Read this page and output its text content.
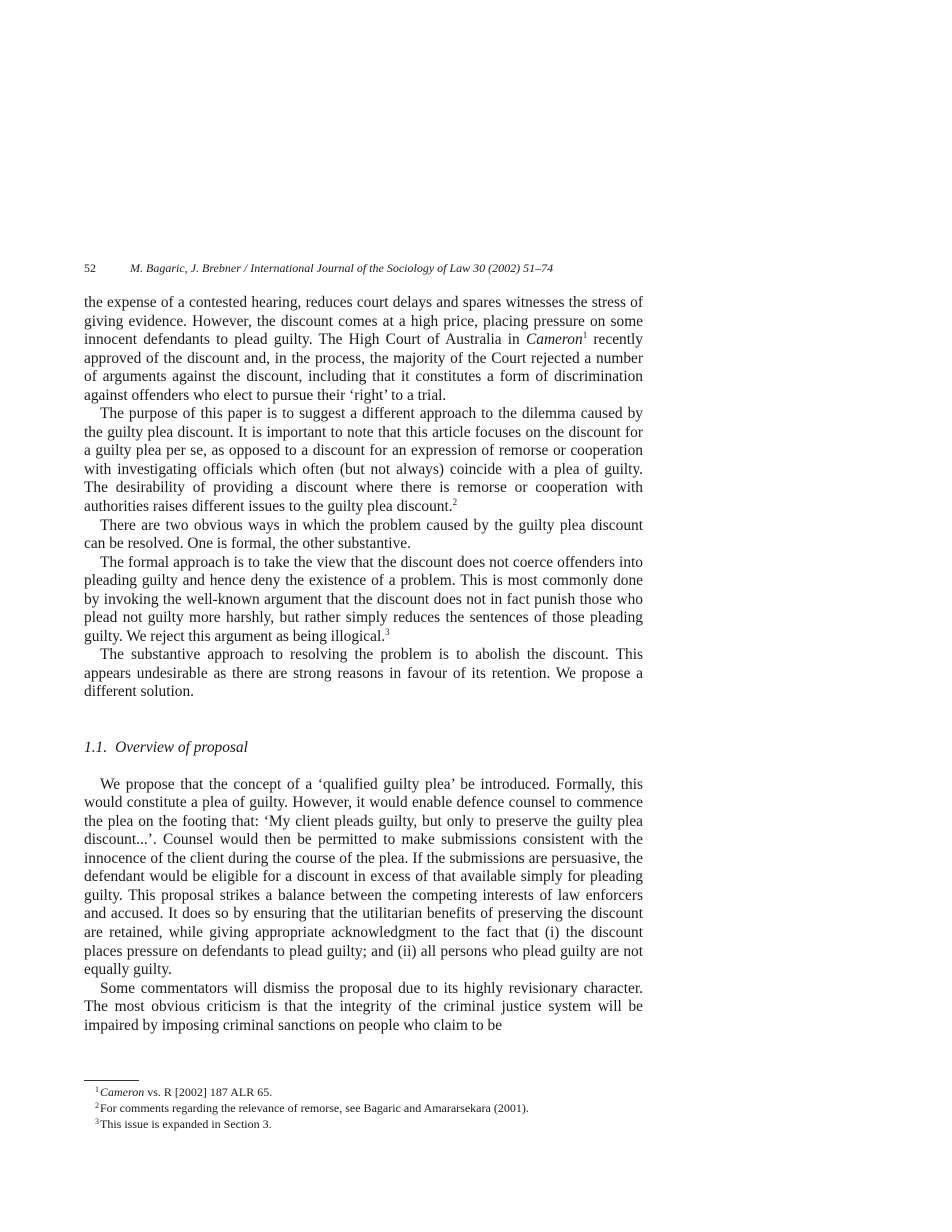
52	M. Bagaric, J. Brebner / International Journal of the Sociology of Law 30 (2002) 51–74

the expense of a contested hearing, reduces court delays and spares witnesses the stress of giving evidence. However, the discount comes at a high price, placing pressure on some innocent defendants to plead guilty. The High Court of Australia in Cameron$^1$ recently approved of the discount and, in the process, the majority of the Court rejected a number of arguments against the discount, including that it constitutes a form of discrimination against offenders who elect to pursue their ‘right’ to a trial.

The purpose of this paper is to suggest a different approach to the dilemma caused by the guilty plea discount. It is important to note that this article focuses on the discount for a guilty plea per se, as opposed to a discount for an expression of remorse or cooperation with investigating officials which often (but not always) coincide with a plea of guilty. The desirability of providing a discount where there is remorse or cooperation with authorities raises different issues to the guilty plea discount.$^2$

There are two obvious ways in which the problem caused by the guilty plea discount can be resolved. One is formal, the other substantive.

The formal approach is to take the view that the discount does not coerce offenders into pleading guilty and hence deny the existence of a problem. This is most commonly done by invoking the well-known argument that the discount does not in fact punish those who plead not guilty more harshly, but rather simply reduces the sentences of those pleading guilty. We reject this argument as being illogical.$^3$

The substantive approach to resolving the problem is to abolish the discount. This appears undesirable as there are strong reasons in favour of its retention. We propose a different solution.

1.1. Overview of proposal

We propose that the concept of a ‘qualified guilty plea’ be introduced. Formally, this would constitute a plea of guilty. However, it would enable defence counsel to commence the plea on the footing that: ‘My client pleads guilty, but only to preserve the guilty plea discount...’. Counsel would then be permitted to make submissions consistent with the innocence of the client during the course of the plea. If the submissions are persuasive, the defendant would be eligible for a discount in excess of that available simply for pleading guilty. This proposal strikes a balance between the competing interests of law enforcers and accused. It does so by ensuring that the utilitarian benefits of preserving the discount are retained, while giving appropriate acknowledgment to the fact that (i) the discount places pressure on defendants to plead guilty; and (ii) all persons who plead guilty are not equally guilty.

Some commentators will dismiss the proposal due to its highly revisionary character. The most obvious criticism is that the integrity of the criminal justice system will be impaired by imposing criminal sanctions on people who claim to be

$^1$Cameron vs. R [2002] 187 ALR 65.
$^2$For comments regarding the relevance of remorse, see Bagaric and Amararsekara (2001).
$^3$This issue is expanded in Section 3.
